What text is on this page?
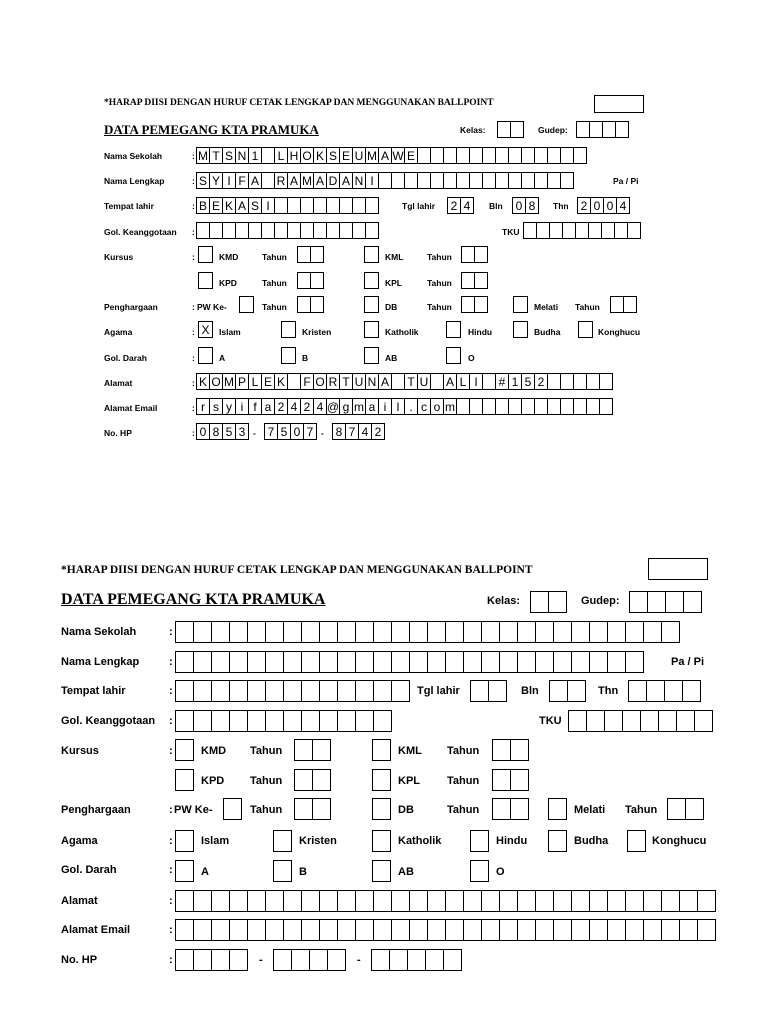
*HARAP DIISI DENGAN HURUF CETAK LENGKAP DAN MENGGUNAKAN BALLPOINT
DATA PEMEGANG KTA PRAMUKA	Kelas:	Gudep:
Nama Sekolah	: M T S N 1	L H O K S E U M A W E
Nama Lengkap	: S Y I F A R A M A D A N I	Pa / Pi
Tempat lahir	: B E K A S I	Tgl lahir	2 4	Bln	0 8	Thn	2 0 0 4
Gol. Keanggotaan :	TKU
Kursus	:	KMD	Tahun	KML	Tahun
KPD	Tahun	KPL	Tahun
Penghargaan	: PW Ke-	Tahun	DB	Tahun	Melati Tahun
Agama	: X	Islam	Kristen	Katholik	Hindu	Budha	Konghucu
Gol. Darah	:	A	B	AB	O
Alamat	: K O M P L E K F O R T U N A T U A L I	# 1 5 2
Alamat Email	: r s y i f a 2 4 2 4 @ g m a i l . c o m
No. HP	: 0 8 5 3 - 7 5 0 7 - 8 7 4 2
*HARAP DIISI DENGAN HURUF CETAK LENGKAP DAN MENGGUNAKAN BALLPOINT
DATA PEMEGANG KTA PRAMUKA	Kelas:	Gudep:
Nama Sekolah	:
Nama Lengkap	:	Pa / Pi
Tempat lahir	:	Tgl lahir	Bln	Thn
Gol. Keanggotaan :	TKU
Kursus	:	KMD Tahun	KML Tahun
KPD Tahun	KPL Tahun
Penghargaan	: PW Ke-	Tahun	DB	Tahun	Melati Tahun
Agama	:	Islam	Kristen	Katholik	Hindu	Budha	Konghucu
Gol. Darah	:	A	B	AB	O
Alamat	:
Alamat Email	:
No. HP	:	-	-
